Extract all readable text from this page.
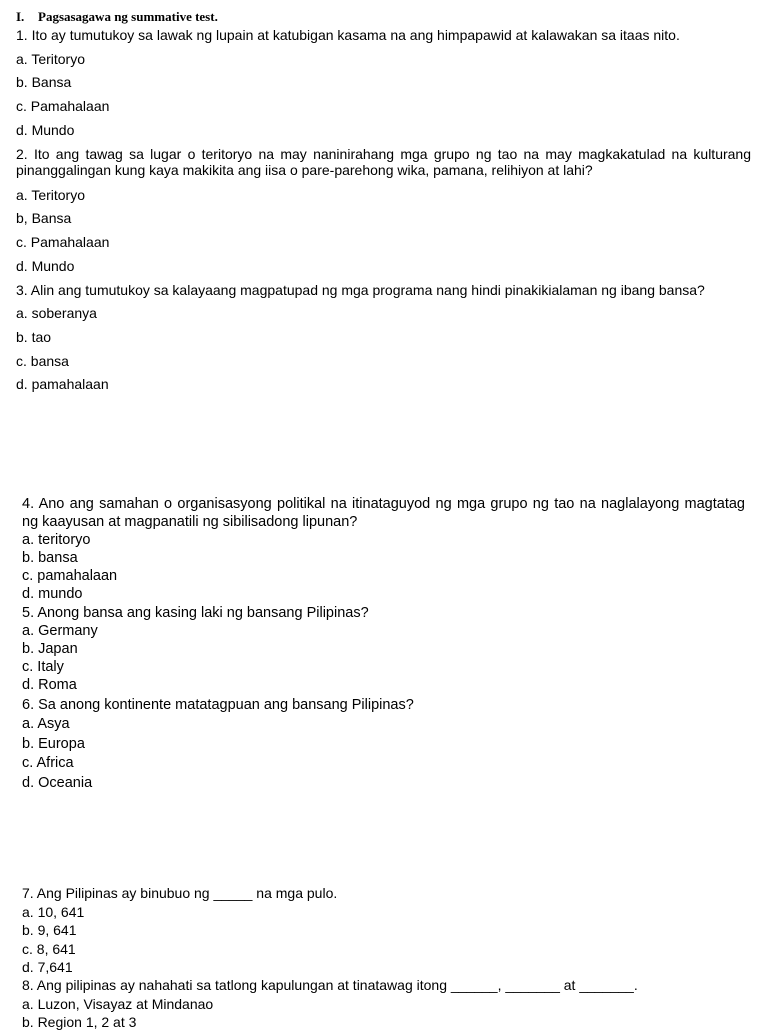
I. Pagsasagawa ng summative test.
1. Ito ay tumutukoy sa lawak ng lupain at katubigan kasama na ang himpapawid at kalawakan sa itaas nito.
a. Teritoryo
b. Bansa
c. Pamahalaan
d. Mundo
2. Ito ang tawag sa lugar o teritoryo na may naninirahang mga grupo ng tao na may magkakatulad na kulturang pinanggalingan kung kaya makikita ang iisa o pare-parehong wika, pamana, relihiyon at lahi?
a. Teritoryo
b, Bansa
c. Pamahalaan
d. Mundo
3. Alin ang tumutukoy sa kalayaang magpatupad ng mga programa nang hindi pinakikialaman ng ibang bansa?
a. soberanya
b. tao
c. bansa
d. pamahalaan
4. Ano ang samahan o organisasyong politikal na itinataguyod ng mga grupo ng tao na naglalayong magtatag ng kaayusan at magpanatili ng sibilisadong lipunan?
a. teritoryo
b. bansa
c. pamahalaan
d. mundo
5. Anong bansa ang kasing laki ng bansang Pilipinas?
a. Germany
b. Japan
c. Italy
d. Roma
6. Sa anong kontinente matatagpuan ang bansang Pilipinas?
a. Asya
b. Europa
c. Africa
d. Oceania
7. Ang Pilipinas ay binubuo ng _____ na mga pulo.
a. 10, 641
b. 9, 641
c. 8, 641
d. 7,641
8. Ang pilipinas ay nahahati sa tatlong kapulungan at tinatawag itong ______, _______ at _______.
a. Luzon, Visayaz at Mindanao
b. Region 1, 2 at 3
